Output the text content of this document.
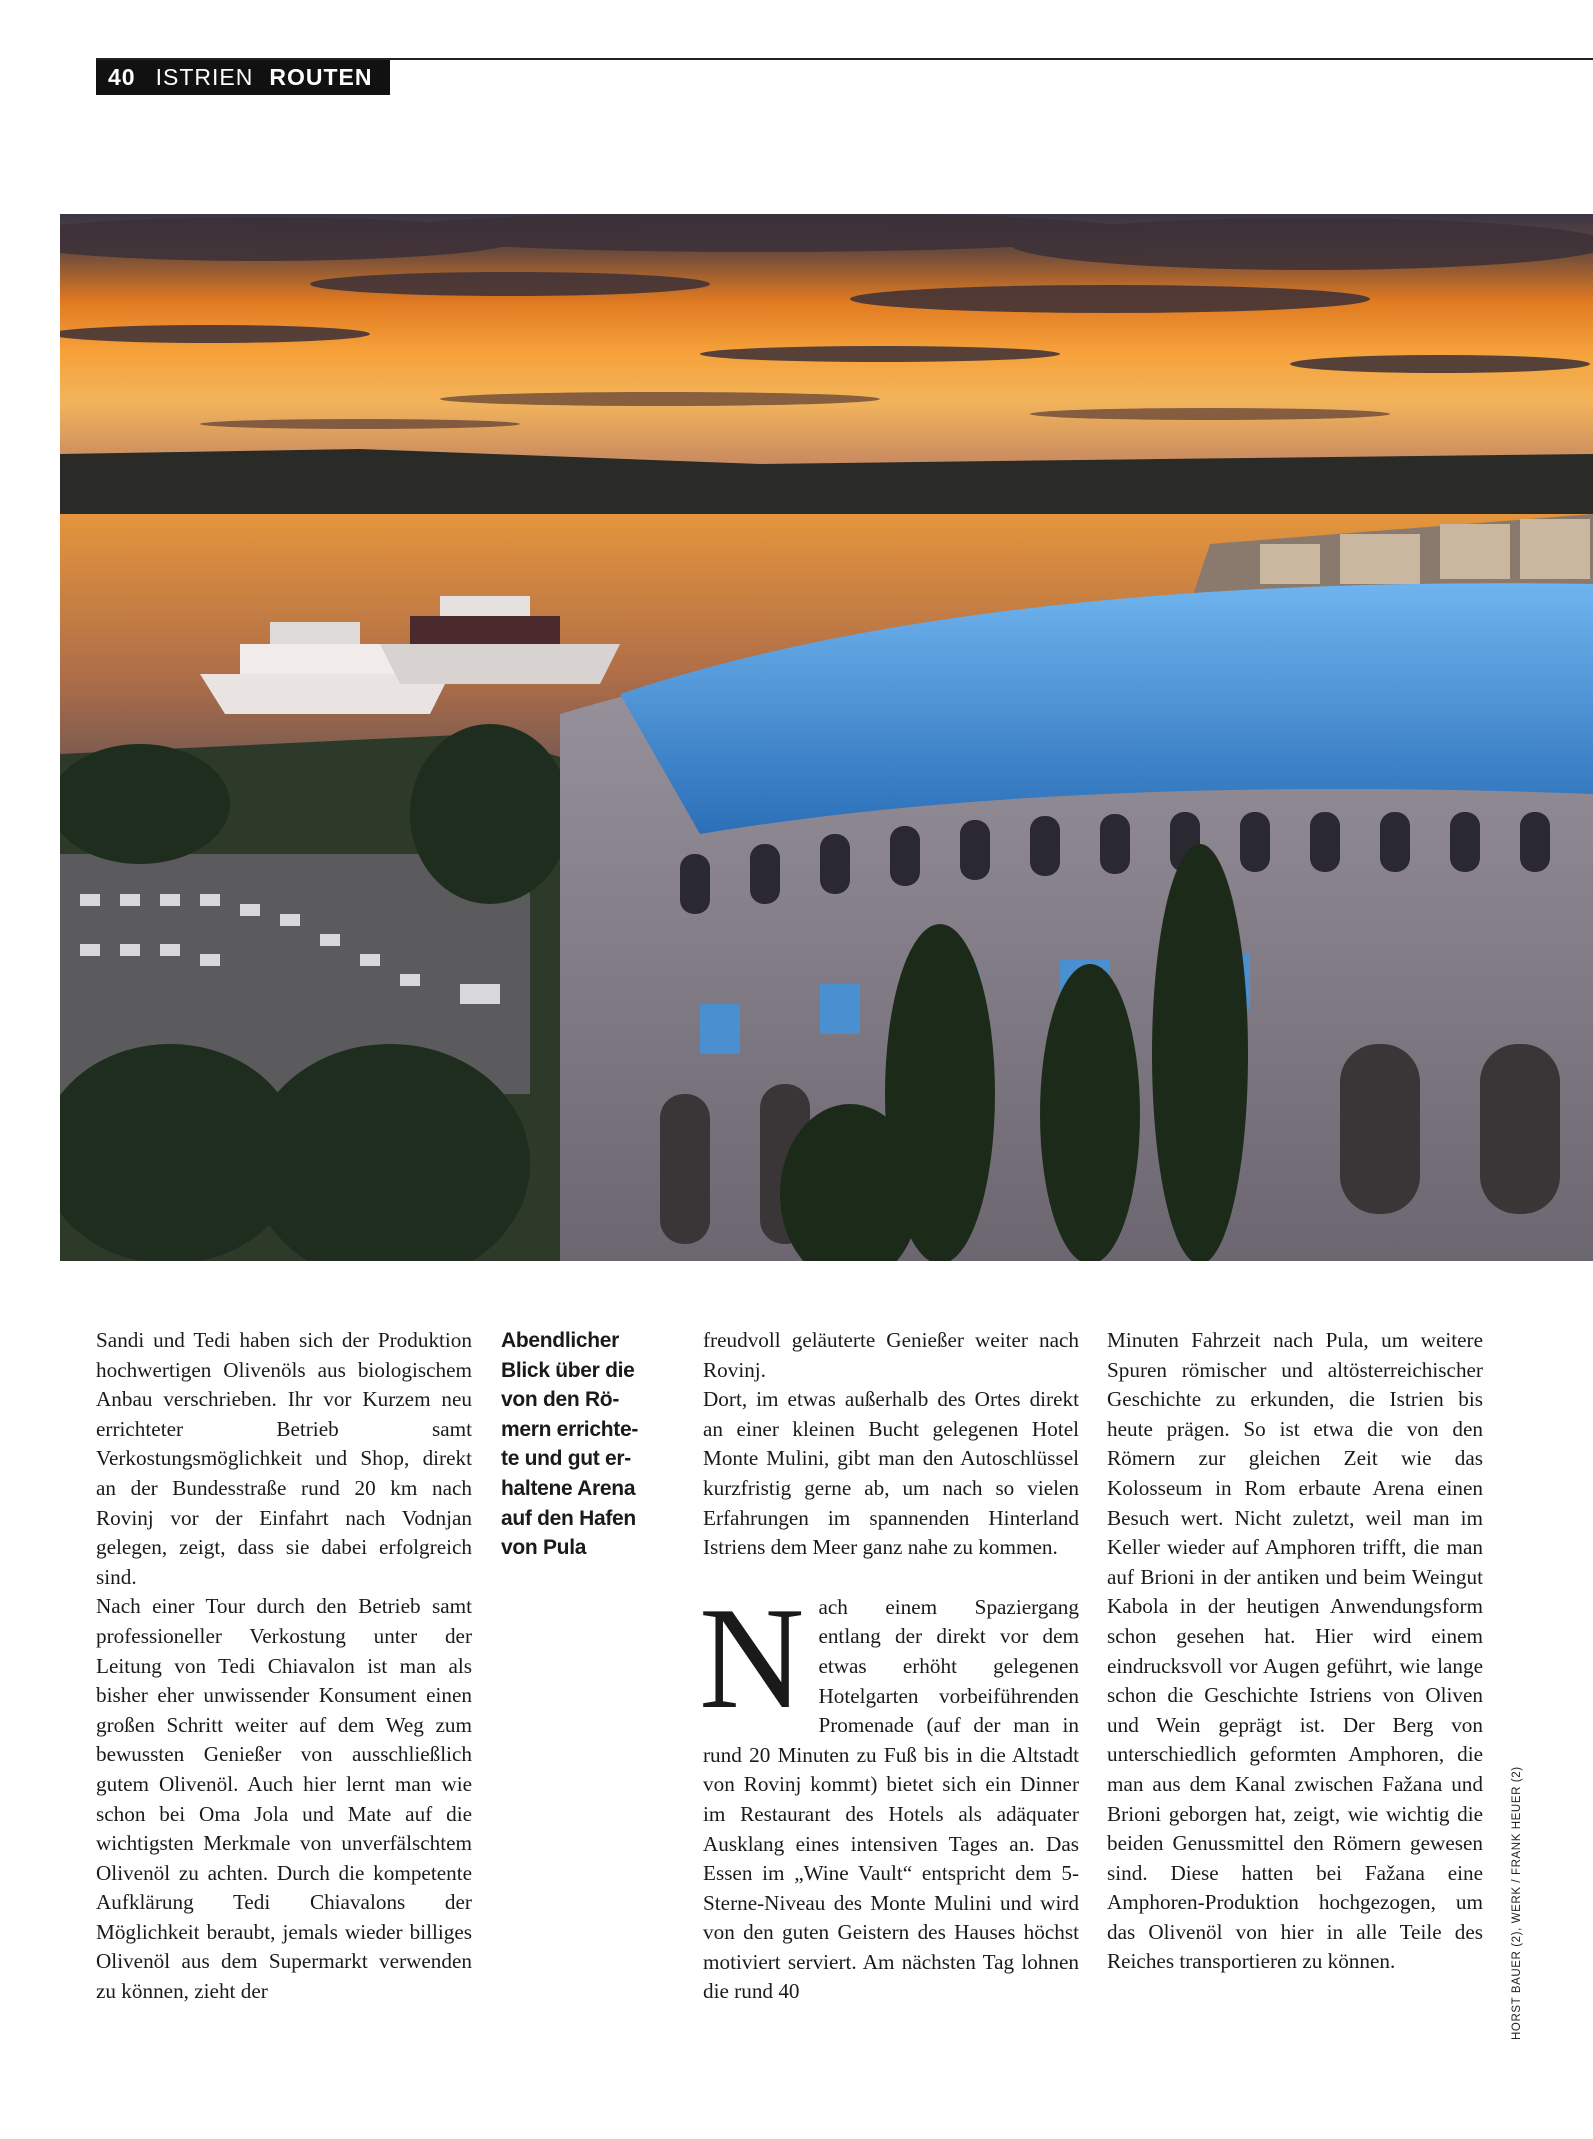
40 ISTRIEN ROUTEN

Sandi und Tedi haben sich der Produktion hochwertigen Olivenöls aus biologischem Anbau verschrieben. Ihr vor Kurzem neu errichteter Betrieb samt Verkostungsmöglichkeit und Shop, direkt an der Bundesstraße rund 20 km nach Rovinj vor der Einfahrt nach Vodnjan gelegen, zeigt, dass sie dabei erfolgreich sind.

Nach einer Tour durch den Betrieb samt professioneller Verkostung unter der Leitung von Tedi Chiavalon ist man als bisher eher unwissender Konsument einen großen Schritt weiter auf dem Weg zum bewussten Genießer von ausschließlich gutem Olivenöl. Auch hier lernt man wie schon bei Oma Jola und Mate auf die wichtigsten Merkmale von unverfälschtem Olivenöl zu achten. Durch die kompetente Aufklärung Tedi Chiavalons der Möglichkeit beraubt, jemals wieder billiges Olivenöl aus dem Supermarkt verwenden zu können, zieht der

Abendlicher
Blick über die
von den Rö-
mern errichte-
te und gut er-
haltene Arena
auf den Hafen
von Pula

freudvoll geläuterte Genießer weiter nach Rovinj.

Dort, im etwas außerhalb des Ortes direkt an einer kleinen Bucht gelegenen Hotel Monte Mulini, gibt man den Autoschlüssel kurzfristig gerne ab, um nach so vielen Erfahrungen im spannenden Hinterland Istriens dem Meer ganz nahe zu kommen.

N ach einem Spaziergang entlang der direkt vor dem etwas erhöht gelegenen Hotelgarten vorbeiführenden Promenade (auf der man in rund 20 Minuten zu Fuß bis in die Altstadt von Rovinj kommt) bietet sich ein Dinner im Restaurant des Hotels als adäquater Ausklang eines intensiven Tages an. Das Essen im „Wine Vault“ entspricht dem 5-Sterne-Niveau des Monte Mulini und wird von den guten Geistern des Hauses höchst motiviert serviert. Am nächsten Tag lohnen die rund 40

Minuten Fahrzeit nach Pula, um weitere Spuren römischer und altösterreichischer Geschichte zu erkunden, die Istrien bis heute prägen. So ist etwa die von den Römern zur gleichen Zeit wie das Kolosseum in Rom erbaute Arena einen Besuch wert. Nicht zuletzt, weil man im Keller wieder auf Amphoren trifft, die man auf Brioni in der antiken und beim Weingut Kabola in der heutigen Anwendungsform schon gesehen hat. Hier wird einem eindrucksvoll vor Augen geführt, wie lange schon die Geschichte Istriens von Oliven und Wein geprägt ist. Der Berg von unterschiedlich geformten Amphoren, die man aus dem Kanal zwischen Fažana und Brioni geborgen hat, zeigt, wie wichtig die beiden Genussmittel den Römern gewesen sind. Diese hatten bei Fažana eine Amphoren-Produktion hochgezogen, um das Olivenöl von hier in alle Teile des Reiches transportieren zu können.	HORST BAUER (2), WERK / FRANK HEUER (2)
